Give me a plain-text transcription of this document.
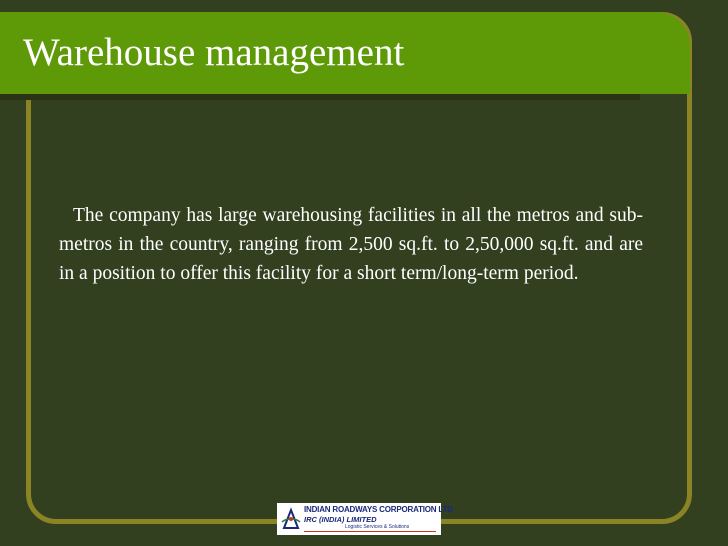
Warehouse management

The company has large warehousing facilities in all the metros and sub-metros in the country, ranging from 2,500 sq.ft. to 2,50,000 sq.ft. and are in a position to offer this facility for a short term/long-term period.

INDIAN ROADWAYS CORPORATION LTD
IRC (INDIA) LIMITED
Logistic Services & Solutions
